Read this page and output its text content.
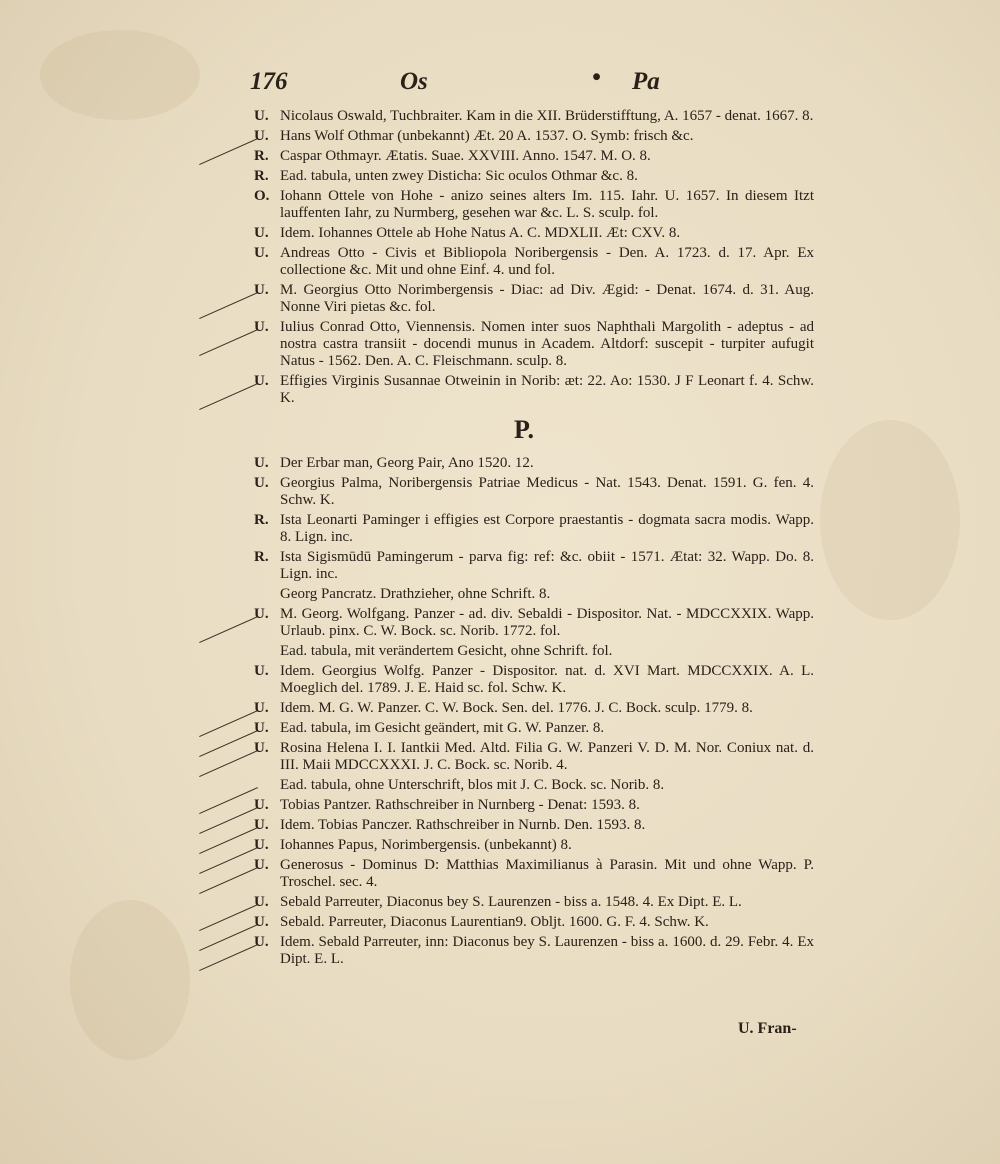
176	Os	• Pa
U. Nicolaus Oswald, Tuchbraiter. Kam in die XII. Brüderstifftung, A. 1657 - denat. 1667. 8.
U. Hans Wolf Othmar (unbekannt) Æt. 20 A. 1537. O. Symb: frisch &c.
R. Caspar Othmayr. Ætatis. Suae. XXVIII. Anno. 1547. M. O. 8.
R. Ead. tabula, unten zwey Disticha: Sic oculos Othmar &c. 8.
O. Iohann Ottele von Hohe - anizo seines alters Im. 115. Iahr. U. 1657. In diesem Itzt lauffenten Iahr, zu Nurmberg, gesehen war &c. L. S. sculp. fol.
U. Idem. Iohannes Ottele ab Hohe Natus A. C. MDXLII. Æt: CXV. 8.
U. Andreas Otto - Civis et Bibliopola Noribergensis - Den. A. 1723. d. 17. Apr. Ex collectione &c. Mit und ohne Einf. 4. und fol.
U. M. Georgius Otto Norimbergensis - Diac: ad Div. Ægid: - Denat. 1674. d. 31. Aug. Nonne Viri pietas &c. fol.
U. Iulius Conrad Otto, Viennensis. Nomen inter suos Naphthali Margolith - adeptus - ad nostra castra transiit - docendi munus in Academ. Altdorf: suscepit - turpiter aufugit Natus - 1562. Den. A. C. Fleischmann. sculp. 8.
U. Effigies Virginis Susannae Otweinin in Norib: æt: 22. Ao: 1530. J F Leonart f. 4. Schw. K.
P.
U. Der Erbar man, Georg Pair, Ano 1520. 12.
U. Georgius Palma, Noribergensis Patriae Medicus - Nat. 1543. Denat. 1591. G. fen. 4. Schw. K.
R. Ista Leonarti Paminger i effigies est Corpore praestantis - dogmata sacra modis. Wapp. 8. Lign. inc.
R. Ista Sigismūdū Pamingerum - parva fig: ref: &c. obiit - 1571. Ætat: 32. Wapp. Do. 8. Lign. inc.
Georg Pancratz. Drathzieher, ohne Schrift. 8.
U. M. Georg. Wolfgang. Panzer - ad. div. Sebaldi - Dispositor. Nat. - MDCCXXIX. Wapp. Urlaub. pinx. C. W. Bock. sc. Norib. 1772. fol.
Ead. tabula, mit verändertem Gesicht, ohne Schrift. fol.
U. Idem. Georgius Wolfg. Panzer - Dispositor. nat. d. XVI Mart. MDCCXXIX. A. L. Moeglich del. 1789. J. E. Haid sc. fol. Schw. K.
U. Idem. M. G. W. Panzer. C. W. Bock. Sen. del. 1776. J. C. Bock. sculp. 1779. 8.
U. Ead. tabula, im Gesicht geändert, mit G. W. Panzer. 8.
U. Rosina Helena I. I. Iantkii Med. Altd. Filia G. W. Panzeri V. D. M. Nor. Coniux nat. d. III. Maii MDCCXXXI. J. C. Bock. sc. Norib. 4.
Ead. tabula, ohne Unterschrift, blos mit J. C. Bock. sc. Norib. 8.
U. Tobias Pantzer. Rathschreiber in Nurnberg - Denat: 1593. 8.
U. Idem. Tobias Panczer. Rathschreiber in Nurnb. Den. 1593. 8.
U. Iohannes Papus, Norimbergensis. (unbekannt) 8.
U. Generosus - Dominus D: Matthias Maximilianus à Parasin. Mit und ohne Wapp. P. Troschel. sec. 4.
U. Sebald Parreuter, Diaconus bey S. Laurenzen - biss a. 1548. 4. Ex Dipt. E. L.
U. Sebald. Parreuter, Diaconus Laurentian9. Obljt. 1600. G. F. 4. Schw. K.
U. Idem. Sebald Parreuter, inn: Diaconus bey S. Laurenzen - biss a. 1600. d. 29. Febr. 4. Ex Dipt. E. L.
U. Fran-
